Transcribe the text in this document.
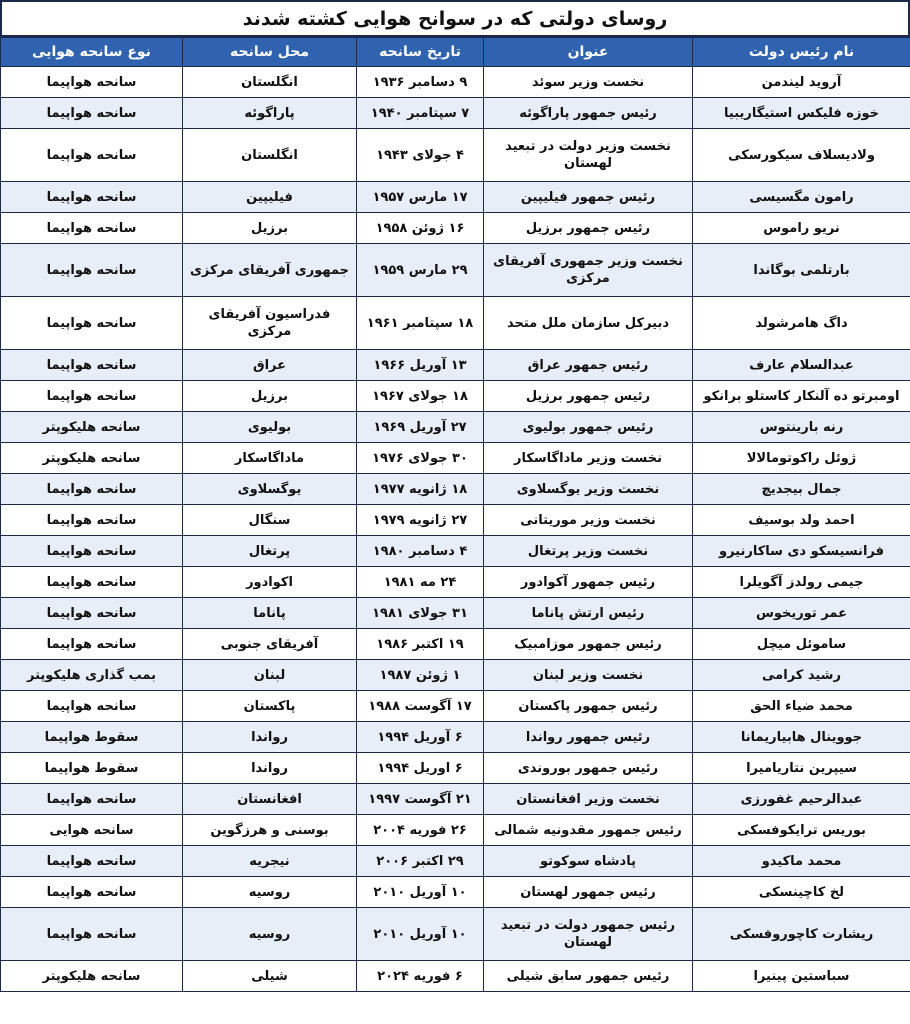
روسای دولتی که در سوانح هوایی کشته شدند
نام رئیس دولت	عنوان	تاریخ سانحه	محل سانحه	نوع سانحه هوایی
آروید لیندمن	نخست وزیر سوئد	۹ دسامبر ۱۹۳۶	انگلستان	سانحه هواپیما
خوزه فلیکس استیگاریبیا	رئیس جمهور پاراگوئه	۷ سپتامبر ۱۹۴۰	پاراگوئه	سانحه هواپیما
ولادیسلاف سیکورسکی	نخست وزیر دولت در تبعید لهستان	۴ جولای ۱۹۴۳	انگلستان	سانحه هواپیما
رامون مگسیسی	رئیس جمهور فیلیپین	۱۷ مارس ۱۹۵۷	فیلیپین	سانحه هواپیما
نریو راموس	رئیس جمهور برزیل	۱۶ ژوئن ۱۹۵۸	برزیل	سانحه هواپیما
بارتلمی بوگاندا	نخست وزیر جمهوری آفریقای مرکزی	۲۹ مارس ۱۹۵۹	جمهوری آفریقای مرکزی	سانحه هواپیما
داگ هامرشولد	دبیرکل سازمان ملل متحد	۱۸ سپتامبر ۱۹۶۱	فدراسیون آفریقای مرکزی	سانحه هواپیما
عبدالسلام عارف	رئیس جمهور عراق	۱۳ آوریل ۱۹۶۶	عراق	سانحه هواپیما
اومبرتو ده آلنکار کاستلو برانکو	رئیس جمهور برزیل	۱۸ جولای ۱۹۶۷	برزیل	سانحه هواپیما
رنه بارینتوس	رئیس جمهور بولیوی	۲۷ آوریل ۱۹۶۹	بولیوی	سانحه هلیکوپتر
ژوئل راکوتومالالا	نخست وزیر ماداگاسکار	۳۰ جولای ۱۹۷۶	ماداگاسکار	سانحه هلیکوپتر
جمال بیجدیچ	نخست وزیر یوگسلاوی	۱۸ ژانویه ۱۹۷۷	یوگسلاوی	سانحه هواپیما
احمد ولد بوسیف	نخست وزیر موریتانی	۲۷ ژانویه ۱۹۷۹	سنگال	سانحه هواپیما
فرانسیسکو دی ساکارنیرو	نخست وزیر پرتغال	۴ دسامبر ۱۹۸۰	پرتغال	سانحه هواپیما
جیمی رولدز آگویلرا	رئیس جمهور آکوادور	۲۴ مه ۱۹۸۱	اکوادور	سانحه هواپیما
عمر توریخوس	رئیس ارتش پاناما	۳۱ جولای ۱۹۸۱	پاناما	سانحه هواپیما
ساموئل میچل	رئیس جمهور موزامبیک	۱۹ اکتبر ۱۹۸۶	آفریقای جنوبی	سانحه هواپیما
رشید کرامی	نخست وزیر لبنان	۱ ژوئن ۱۹۸۷	لبنان	بمب گذاری هلیکوپتر
محمد ضیاء الحق	رئیس جمهور پاکستان	۱۷ آگوست ۱۹۸۸	پاکستان	سانحه هواپیما
جووینال هابیاریمانا	رئیس جمهور رواندا	۶ آوریل ۱۹۹۴	رواندا	سقوط هواپیما
سیپرین نتاریامیرا	رئیس جمهور بوروندی	۶ اوریل ۱۹۹۴	رواندا	سقوط هواپیما
عبدالرحیم غفورزی	نخست وزیر افغانستان	۲۱ آگوست ۱۹۹۷	افغانستان	سانحه هواپیما
بوریس ترایکوفسکی	رئیس جمهور مقدونیه شمالی	۲۶ فوریه ۲۰۰۴	بوسنی و هرزگوین	سانحه هوایی
محمد ماکیدو	پادشاه سوکوتو	۲۹ اکتبر ۲۰۰۶	نیجریه	سانحه هواپیما
لخ کاچینسکی	رئیس جمهور لهستان	۱۰ آوریل ۲۰۱۰	روسیه	سانحه هواپیما
ریشارت کاچوروفسکی	رئیس جمهور دولت در تبعید لهستان	۱۰ آوریل ۲۰۱۰	روسیه	سانحه هواپیما
سباستین پینیرا	رئیس جمهور سابق شیلی	۶ فوریه ۲۰۲۴	شیلی	سانحه هلیکوپتر
